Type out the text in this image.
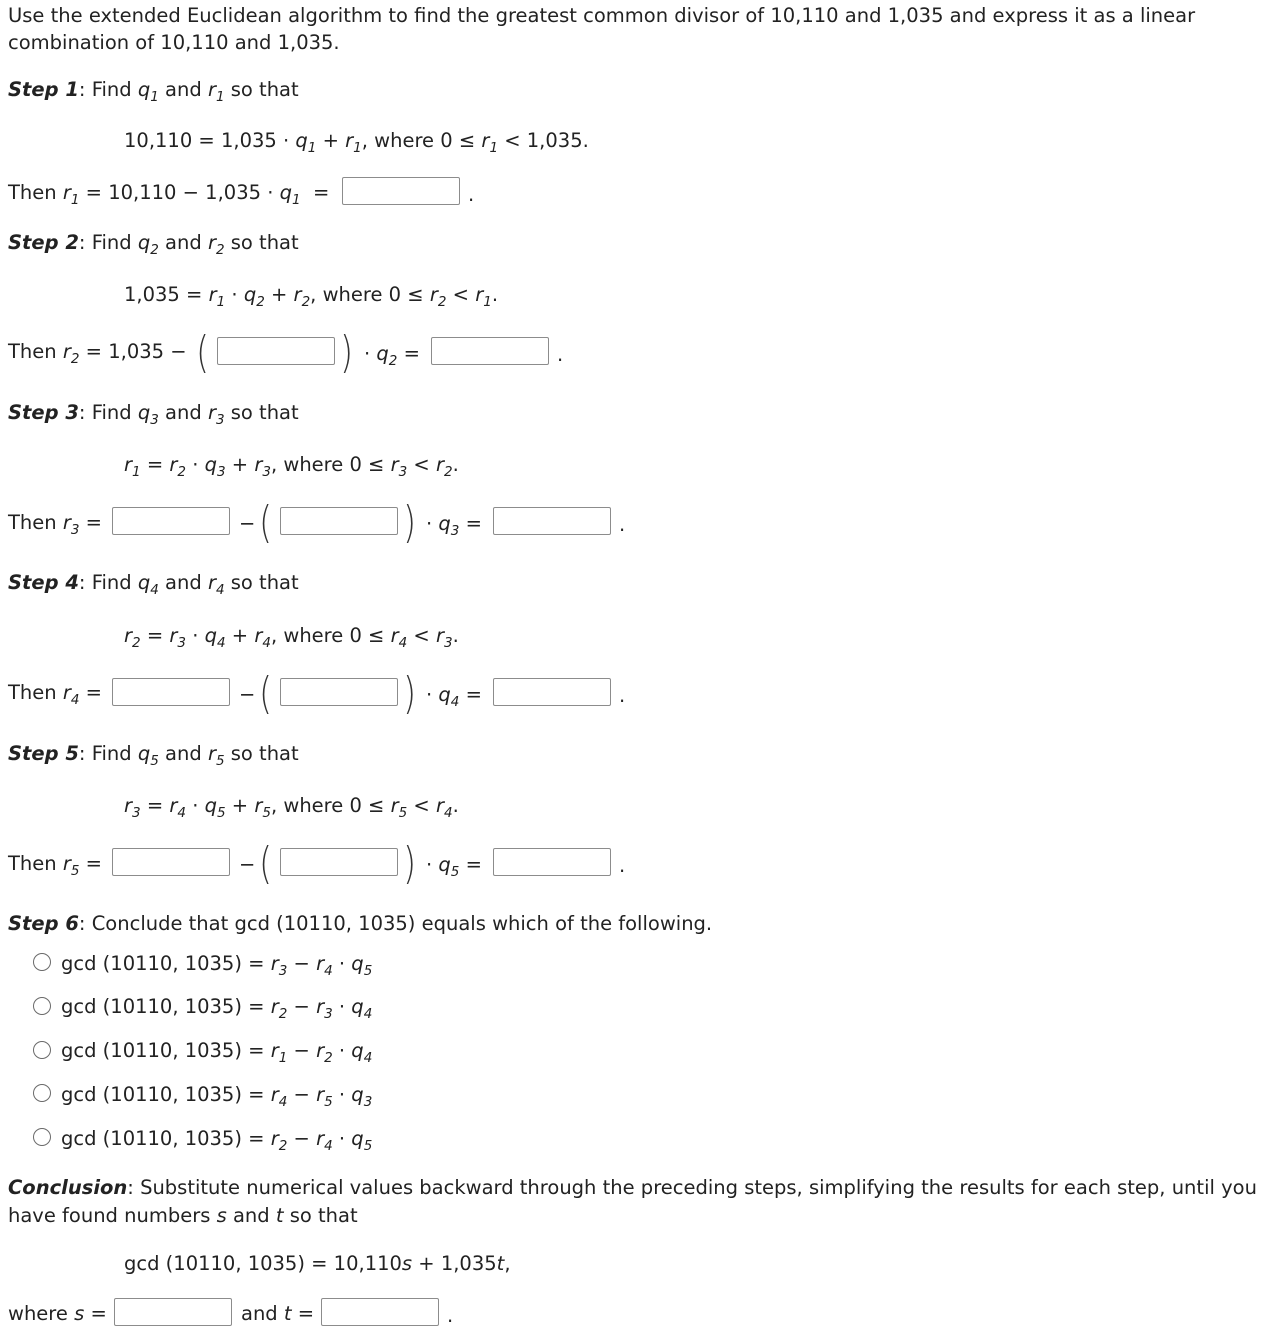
Use the extended Euclidean algorithm to find the greatest common divisor of 10,110 and 1,035 and express it as a linear
combination of 10,110 and 1,035.
Step 1: Find $q_1$ and $r_1$ so that
$10,110 = 1,035 \cdot q_1 + r_1$, where $0 \le r_1 < 1,035$.
Then $r_1 = 10,110 - 1,035 \cdot q_1$ =	.
Step 2: Find $q_2$ and $r_2$ so that
$1,035 = r_1 \cdot q_2 + r_2$, where $0 \le r_2 < r_1$.
Then $r_2 = 1,035$ − (	) · $q_2$ =	.
Step 3: Find $q_3$ and $r_3$ so that
$r_1 = r_2 \cdot q_3 + r_3$, where $0 \le r_3 < r_2$.
Then $r_3$ =	− (	) · $q_3$ =	.
Step 4: Find $q_4$ and $r_4$ so that
$r_2 = r_3 \cdot q_4 + r_4$, where $0 \le r_4 < r_3$.
Then $r_4$ =	− (	) · $q_4$ =	.
Step 5: Find $q_5$ and $r_5$ so that
$r_3 = r_4 \cdot q_5 + r_5$, where $0 \le r_5 < r_4$.
Then $r_5$ =	− (	) · $q_5$ =	.
Step 6: Conclude that gcd (10110, 1035) equals which of the following.
gcd (10110, $1035) = r_3 - r_4 \cdot q_5$
gcd (10110, $1035) = r_2 - r_3 \cdot q_4$
gcd (10110, $1035) = r_1 - r_2 \cdot q_4$
gcd (10110, $1035) = r_4 - r_5 \cdot q_3$
gcd (10110, $1035) = r_2 - r_4 \cdot q_5$
Conclusion: Substitute numerical values backward through the preceding steps, simplifying the results for each step, until you
have found numbers s and t so that
gcd (10110, 1035) = 10,110s + 1,035t,
where s =	and t =	.
